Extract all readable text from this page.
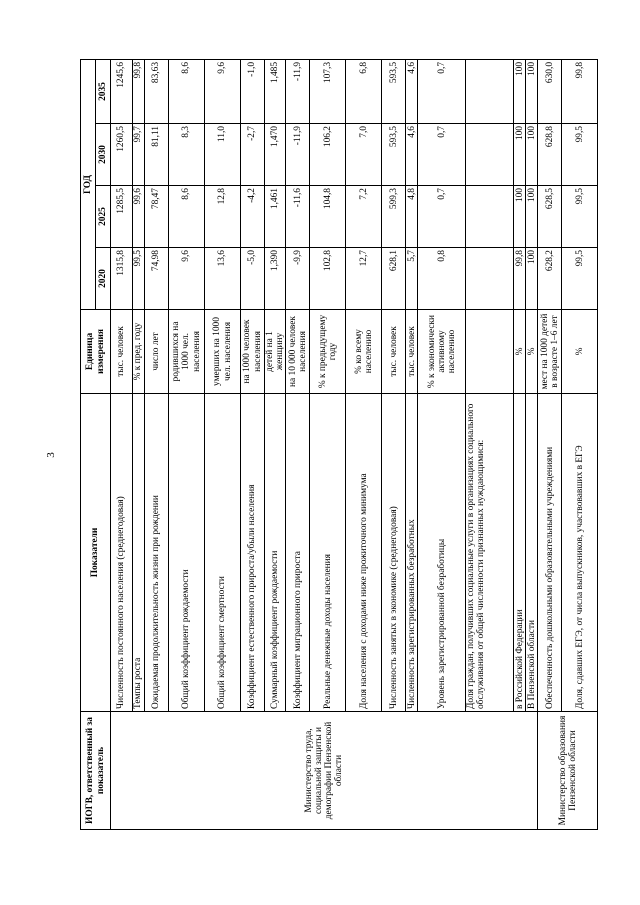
3
ИОГВ, ответственный за показатель	Показатели	Единица измерения	ГОД			
			2020	2025	2030	2035
Министерство труда, социальной защиты и демографии Пензенской области	Численность постоянного населения (среднегодовая)	тыс. человек	1315,8	1285,5	1260,5	1245,6
	Темпы роста	% к пред. году	99,5	99,6	99,7	99,8
	Ожидаемая продолжительность жизни при рождении	число лет	74,98	78,47	81,11	83,63
	Общий коэффициент рождаемости	родившихся на 1000 чел. населения	9,6	8,6	8,3	8,6
	Общий коэффициент смертности	умерших на 1000 чел. населения	13,6	12,8	11,0	9,6
	Коэффициент естественного прироста/убыли населения	на 1000 человек населения	-5,0	-4,2	-2,7	-1,0
	Суммарный коэффициент рождаемости	детей на 1 женщину	1,390	1,461	1,470	1,485
	Коэффициент миграционного прироста	на 10 000 человек населения	-9,9	-11,6	-11,9	-11,9
	Реальные денежные доходы населения	% к предыдущему году	102,8	104,8	106,2	107,3
	Доля населения с доходами ниже прожиточного минимума	% ко всему населению	12,7	7,2	7,0	6,8
	Численность занятых в экономике (среднегодовая)	тыс. человек	628,1	599,3	593,5	593,5
	Численность зарегистрированных безработных	тыс. человек	5,7	4,8	4,6	4,6
	Уровень зарегистрированной безработицы	% к экономически активному населению	0,8	0,7	0,7	0,7
	Доля граждан, получивших социальные услуги в организациях социального обслуживания от общей численности признанных нуждающимися:					
	в Российской Федерации	%	99,8	100	100	100
	В Пензенской области	%	100	100	100	100
Министерство образования Пензенской области	Обеспеченность дошкольными образовательными учреждениями	мест на 1000 детей в возрасте 1–6 лет	628,2	628,5	628,8	630,0
	Доля, сдавших ЕГЭ, от числа выпускников, участвовавших в ЕГЭ	%	99,5	99,5	99,5	99,8
